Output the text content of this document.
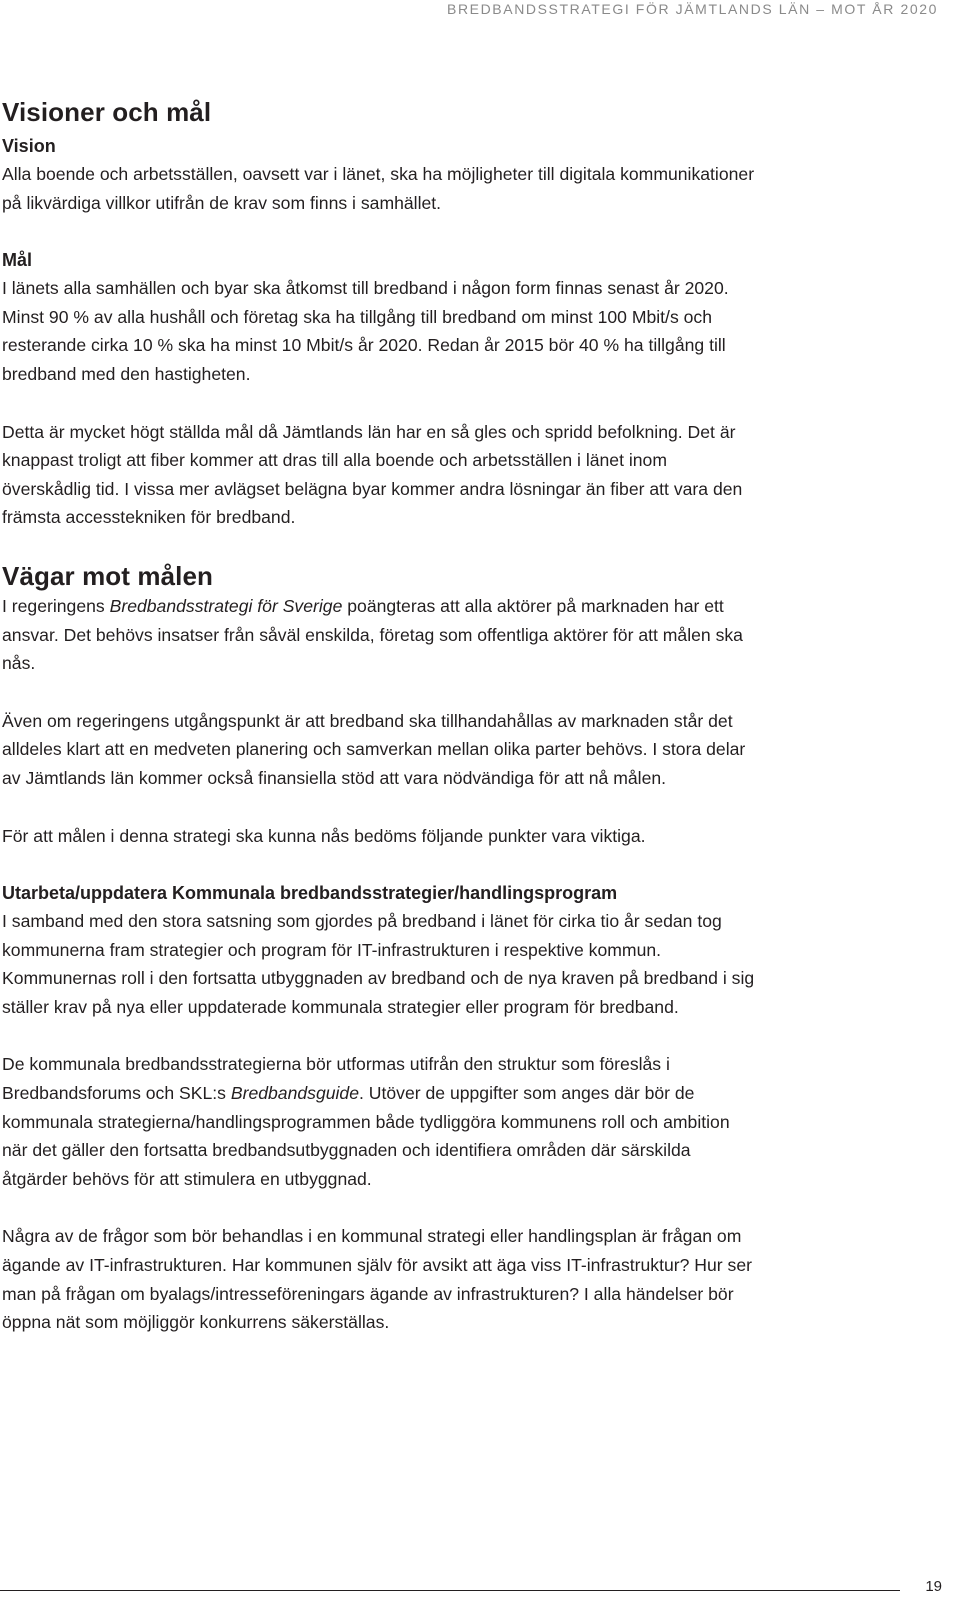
BREDBANDSSTRATEGI FÖR JÄMTLANDS LÄN – MOT ÅR 2020
Visioner och mål
Vision

Alla boende och arbetsställen, oavsett var i länet, ska ha möjligheter till digitala kommunikationer på likvärdiga villkor utifrån de krav som finns i samhället.

Mål

I länets alla samhällen och byar ska åtkomst till bredband i någon form finnas senast år 2020. Minst 90 % av alla hushåll och företag ska ha tillgång till bredband om minst 100 Mbit/s och resterande cirka 10 % ska ha minst 10 Mbit/s år 2020. Redan år 2015 bör 40 % ha tillgång till bredband med den hastigheten.

Detta är mycket högt ställda mål då Jämtlands län har en så gles och spridd befolkning. Det är knappast troligt att fiber kommer att dras till alla boende och arbetsställen i länet inom överskådlig tid. I vissa mer avlägset belägna byar kommer andra lösningar än fiber att vara den främsta accesstekniken för bredband.

Vägar mot målen

I regeringens Bredbandsstrategi för Sverige poängteras att alla aktörer på marknaden har ett ansvar. Det behövs insatser från såväl enskilda, företag som offentliga aktörer för att målen ska nås.

Även om regeringens utgångspunkt är att bredband ska tillhandahållas av marknaden står det alldeles klart att en medveten planering och samverkan mellan olika parter behövs. I stora delar av Jämtlands län kommer också finansiella stöd att vara nödvändiga för att nå målen.

För att målen i denna strategi ska kunna nås bedöms följande punkter vara viktiga.

Utarbeta/uppdatera Kommunala bredbandsstrategier/handlingsprogram

I samband med den stora satsning som gjordes på bredband i länet för cirka tio år sedan tog kommunerna fram strategier och program för IT-infrastrukturen i respektive kommun. Kommunernas roll i den fortsatta utbyggnaden av bredband och de nya kraven på bredband i sig ställer krav på nya eller uppdaterade kommunala strategier eller program för bredband.

De kommunala bredbandsstrategierna bör utformas utifrån den struktur som föreslås i Bredbandsforums och SKL:s Bredbandsguide. Utöver de uppgifter som anges där bör de kommunala strategierna/handlingsprogrammen både tydliggöra kommunens roll och ambition när det gäller den fortsatta bredbandsutbyggnaden och identifiera områden där särskilda åtgärder behövs för att stimulera en utbyggnad.

Några av de frågor som bör behandlas i en kommunal strategi eller handlingsplan är frågan om ägande av IT-infrastrukturen. Har kommunen själv för avsikt att äga viss IT-infrastruktur? Hur ser man på frågan om byalags/intresseföreningars ägande av infrastrukturen? I alla händelser bör öppna nät som möjliggör konkurrens säkerställas.

19
